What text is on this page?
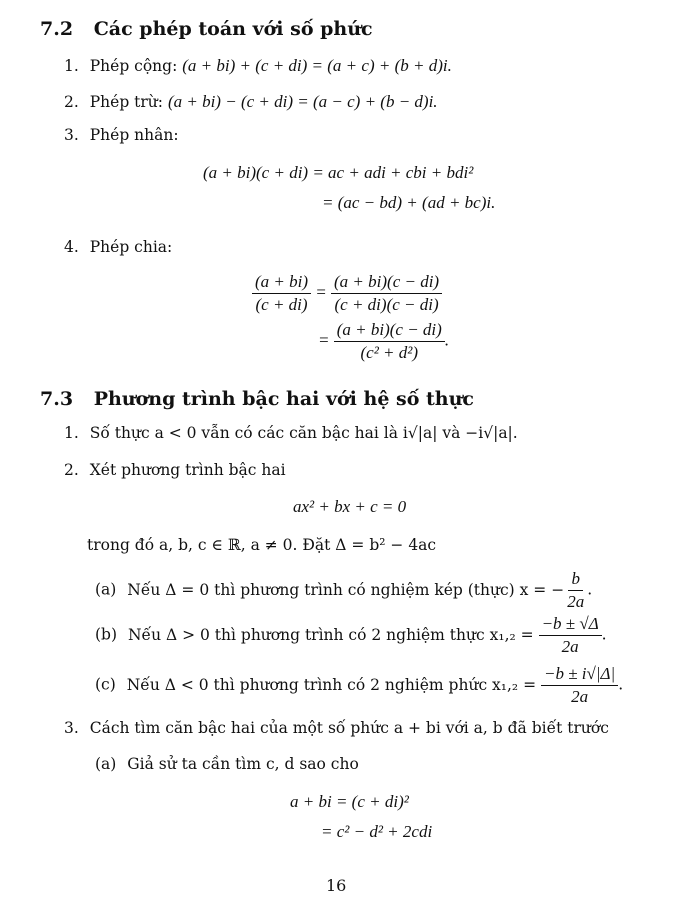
7.2 Các phép toán với số phức
1. Phép cộng: (a + bi) + (c + di) = (a + c) + (b + d)i.
2. Phép trừ: (a + bi) − (c + di) = (a − c) + (b − d)i.
3. Phép nhân:
(a + bi)(c + di) = ac + adi + cbi + bdi²
= (ac − bd) + (ad + bc)i.
4. Phép chia:
$\frac{(a + bi)}{(c + di)} = \frac{(a + bi)(c - di)}{(c + di)(c - di)}$
= $\frac{(a + bi)(c - di)}{\text{(c² + d²)}}$ .
7.3 Phương trình bậc hai với hệ số thực
1. Số thực a < 0 vẫn có các căn bậc hai là i√|a| và −i√|a|.
2. Xét phương trình bậc hai
ax² + bx + c = 0
trong đó a, b, c ∈ ℝ, a ≠ 0. Đặt Δ = b² − 4ac
(a) Nếu Δ = 0 thì phương trình có nghiệm kép (thực) x = − $\frac{b}{2a}$ .
(b) Nếu Δ > 0 thì phương trình có 2 nghiệm thực $x_1,_2 = \frac{-b \pm √\Delta}{2a}$ .
(c) Nếu Δ < 0 thì phương trình có 2 nghiệm phức $x_1,_2 = \frac{-b \pm i√|\Delta|}{2a}$ .
3. Cách tìm căn bậc hai của một số phức a + bi với a, b đã biết trước
(a) Giả sử ta cần tìm c, d sao cho
a + bi = (c + di)²
= c² − d² + 2cdi
16
